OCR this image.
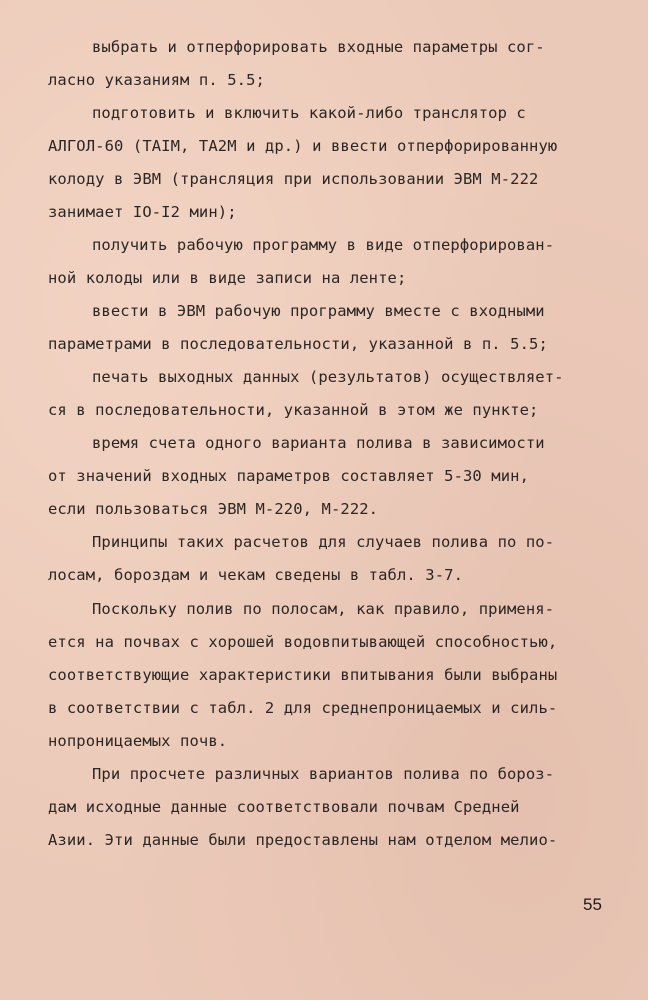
выбрать и отперфорировать входные параметры сог-
ласно указаниям п. 5.5;
подготовить и включить какой-либо транслятор с
АЛГОЛ-60 (ТАIМ, ТА2М и др.) и ввести отперфорированную
колоду в ЭВМ (трансляция при использовании ЭВМ М-222
занимает IO-I2 мин);
получить рабочую программу в виде отперфорирован-
ной колоды или в виде записи на ленте;
ввести в ЭВМ рабочую программу вместе с входными
параметрами в последовательности, указанной в п. 5.5;
печать выходных данных (результатов) осуществляет-
ся в последовательности, указанной в этом же пункте;
время счета одного варианта полива в зависимости
от значений входных параметров составляет 5-30 мин,
если пользоваться ЭВМ М-220, М-222.
Принципы таких расчетов для случаев полива по по-
лосам, бороздам и чекам сведены в табл. 3-7.
Поскольку полив по полосам, как правило, применя-
ется на почвах с хорошей водовпитывающей способностью,
соответствующие характеристики впитывания были выбраны
в соответствии с табл. 2 для среднепроницаемых и силь-
нопроницаемых почв.
При просчете различных вариантов полива по бороз-
дам исходные данные соответствовали почвам Средней
Азии. Эти данные были предоставлены нам отделом мелио-
55
